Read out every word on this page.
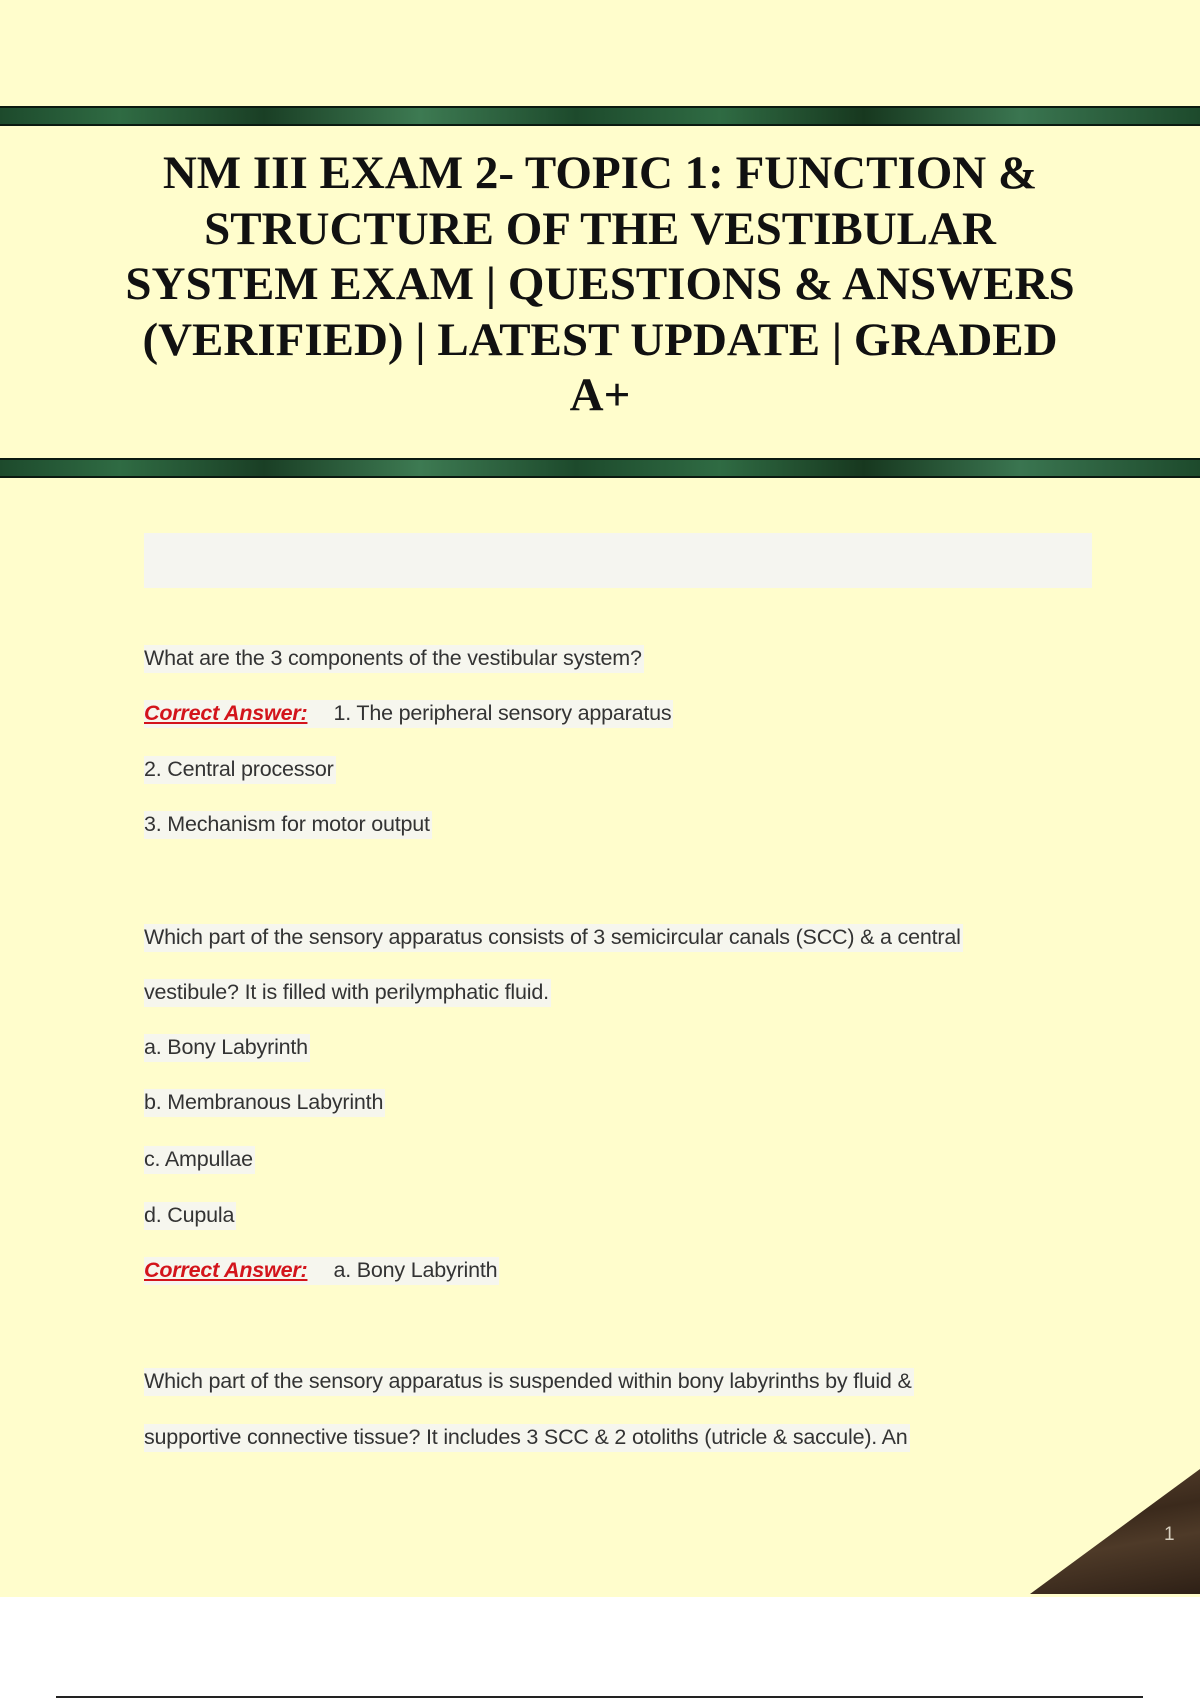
NM III EXAM 2- TOPIC 1: FUNCTION & STRUCTURE OF THE VESTIBULAR SYSTEM EXAM | QUESTIONS & ANSWERS (VERIFIED) | LATEST UPDATE | GRADED A+
What are the 3 components of the vestibular system?
Correct Answer: 1. The peripheral sensory apparatus
2. Central processor
3. Mechanism for motor output
Which part of the sensory apparatus consists of 3 semicircular canals (SCC) & a central
vestibule? It is filled with perilymphatic fluid.
a. Bony Labyrinth
b. Membranous Labyrinth
c. Ampullae
d. Cupula
Correct Answer: a. Bony Labyrinth
Which part of the sensory apparatus is suspended within bony labyrinths by fluid &
supportive connective tissue? It includes 3 SCC & 2 otoliths (utricle & saccule). An
1
